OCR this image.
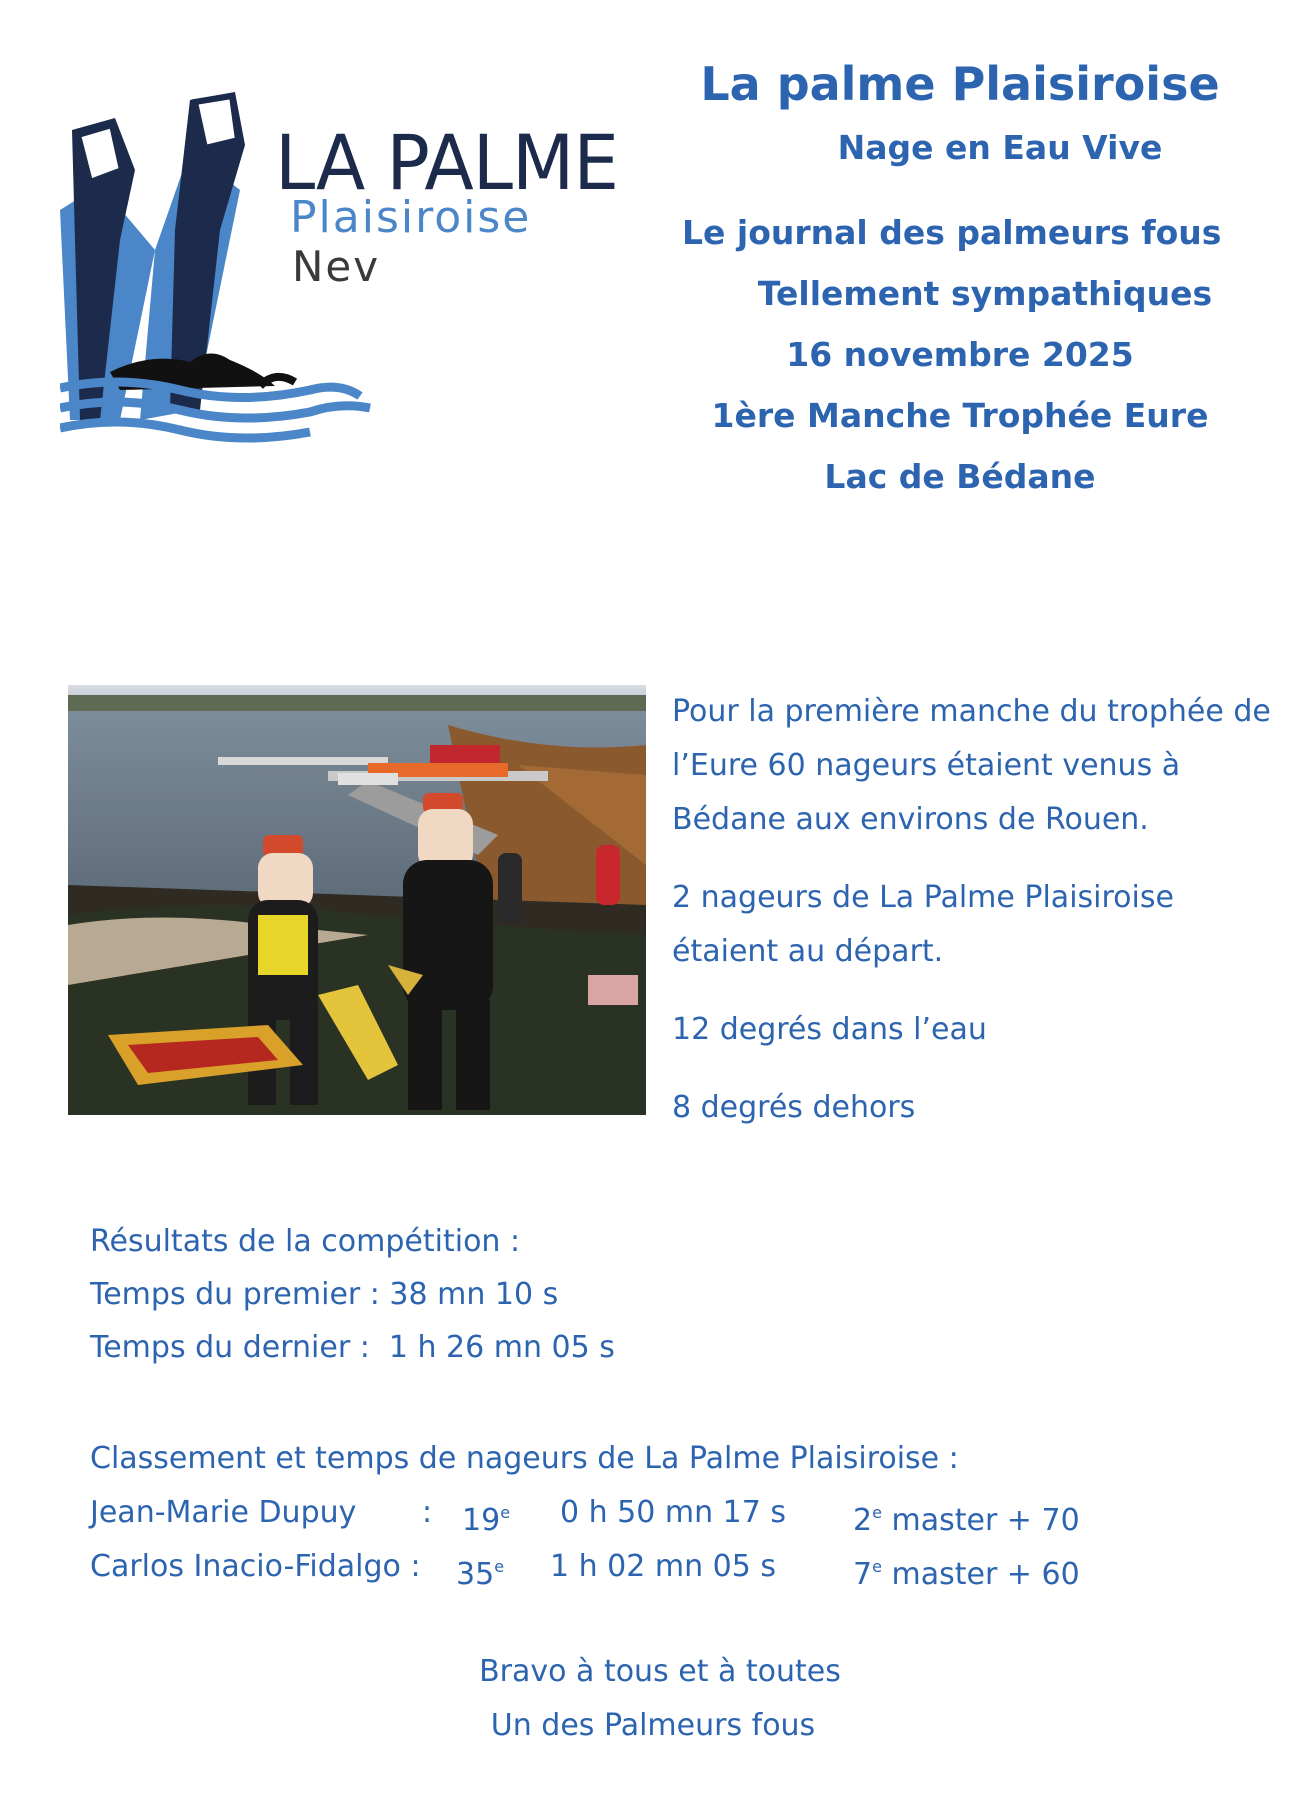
LA PALME
Plaisiroise
Nev
La palme Plaisiroise
Nage en Eau Vive
Le journal des palmeurs fous
Tellement sympathiques
16 novembre 2025
1ère Manche Trophée Eure
Lac de Bédane

Pour la première manche du trophée de l’Eure 60 nageurs étaient venus à Bédane aux environs de Rouen.

2 nageurs de La Palme Plaisiroise étaient au départ.

12 degrés dans l’eau

8 degrés dehors

Résultats de la compétition :
Temps du premier : 38 mn 10 s
Temps du dernier :  1 h 26 mn 05 s
Classement et temps de nageurs de La Palme Plaisiroise :
Jean-Marie Dupuy : 19e 0 h 50 mn 17 s 2e master + 70
Carlos Inacio-Fidalgo : 35e 1 h 02 mn 05 s	7e master + 60
Bravo à tous et à toutes
Un des Palmeurs fous
